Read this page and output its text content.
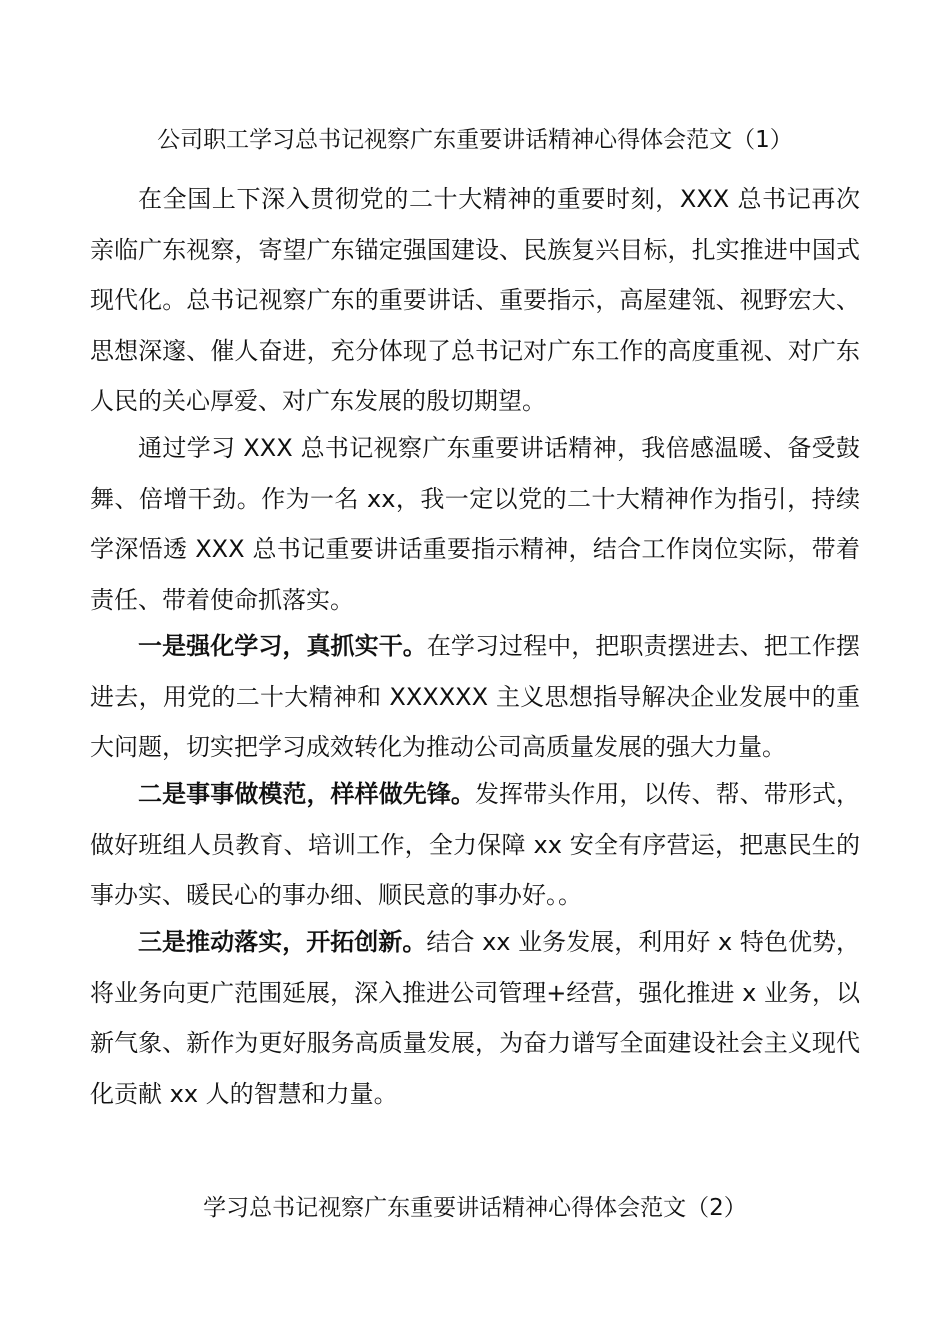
公司职工学习总书记视察广东重要讲话精神心得体会范文（1）

在全国上下深入贯彻党的二十大精神的重要时刻，XXX 总书记再次亲临广东视察，寄望广东锚定强国建设、民族复兴目标，扎实推进中国式现代化。总书记视察广东的重要讲话、重要指示，高屋建瓴、视野宏大、思想深邃、催人奋进，充分体现了总书记对广东工作的高度重视、对广东人民的关心厚爱、对广东发展的殷切期望。

通过学习 XXX 总书记视察广东重要讲话精神，我倍感温暖、备受鼓舞、倍增干劲。作为一名 xx，我一定以党的二十大精神作为指引，持续学深悟透 XXX 总书记重要讲话重要指示精神，结合工作岗位实际，带着责任、带着使命抓落实。

一是强化学习，真抓实干。在学习过程中，把职责摆进去、把工作摆进去，用党的二十大精神和 XXXXXX 主义思想指导解决企业发展中的重大问题，切实把学习成效转化为推动公司高质量发展的强大力量。

二是事事做模范，样样做先锋。发挥带头作用，以传、帮、带形式，做好班组人员教育、培训工作，全力保障 xx 安全有序营运，把惠民生的事办实、暖民心的事办细、顺民意的事办好。。

三是推动落实，开拓创新。结合 xx 业务发展，利用好 x 特色优势，将业务向更广范围延展，深入推进公司管理+经营，强化推进 x 业务，以新气象、新作为更好服务高质量发展，为奋力谱写全面建设社会主义现代化贡献 xx 人的智慧和力量。

学习总书记视察广东重要讲话精神心得体会范文（2）
